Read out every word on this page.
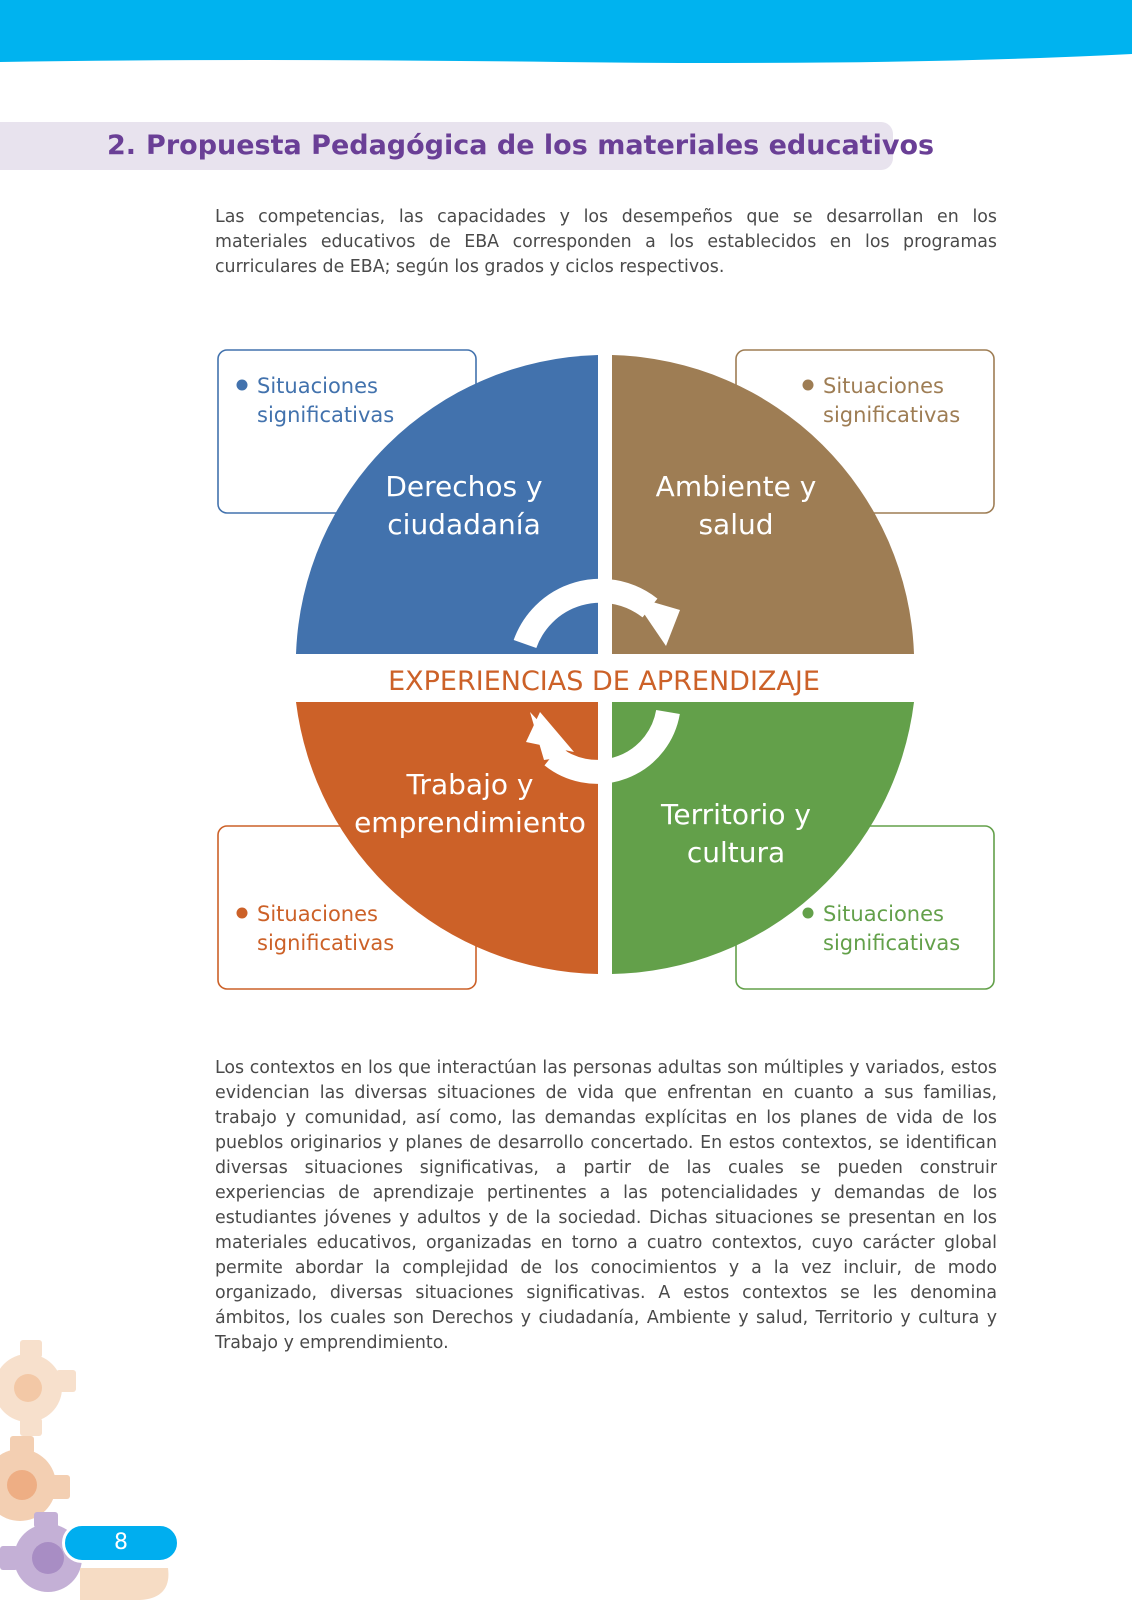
2. Propuesta Pedagógica de los materiales educativos

Las competencias, las capacidades y los desempeños que se desarrollan en los materiales educativos de EBA corresponden a los establecidos en los programas curriculares de EBA; según los grados y ciclos respectivos.

Situaciones
significativas
Situaciones
significativas
Situaciones
significativas
Situaciones
significativas
Derechos y
ciudadanía
Ambiente y
salud
Trabajo y
emprendimiento	Territorio y
cultura
EXPERIENCIAS DE APRENDIZAJE

Los contextos en los que interactúan las personas adultas son múltiples y variados, estos evidencian las diversas situaciones de vida que enfrentan en cuanto a sus familias, trabajo y comunidad, así como, las demandas explícitas en los planes de vida de los pueblos originarios y planes de desarrollo concertado. En estos contextos, se identifican diversas situaciones significativas, a partir de las cuales se pueden construir experiencias de aprendizaje pertinentes a las potencialidades y demandas de los estudiantes jóvenes y adultos y de la sociedad. Dichas situaciones se presentan en los materiales educativos, organizadas en torno a cuatro contextos, cuyo carácter global permite abordar la complejidad de los conocimientos y a la vez incluir, de modo organizado, diversas situaciones significativas. A estos contextos se les denomina ámbitos, los cuales son Derechos y ciudadanía, Ambiente y salud, Territorio y cultura y Trabajo y emprendimiento.

8
